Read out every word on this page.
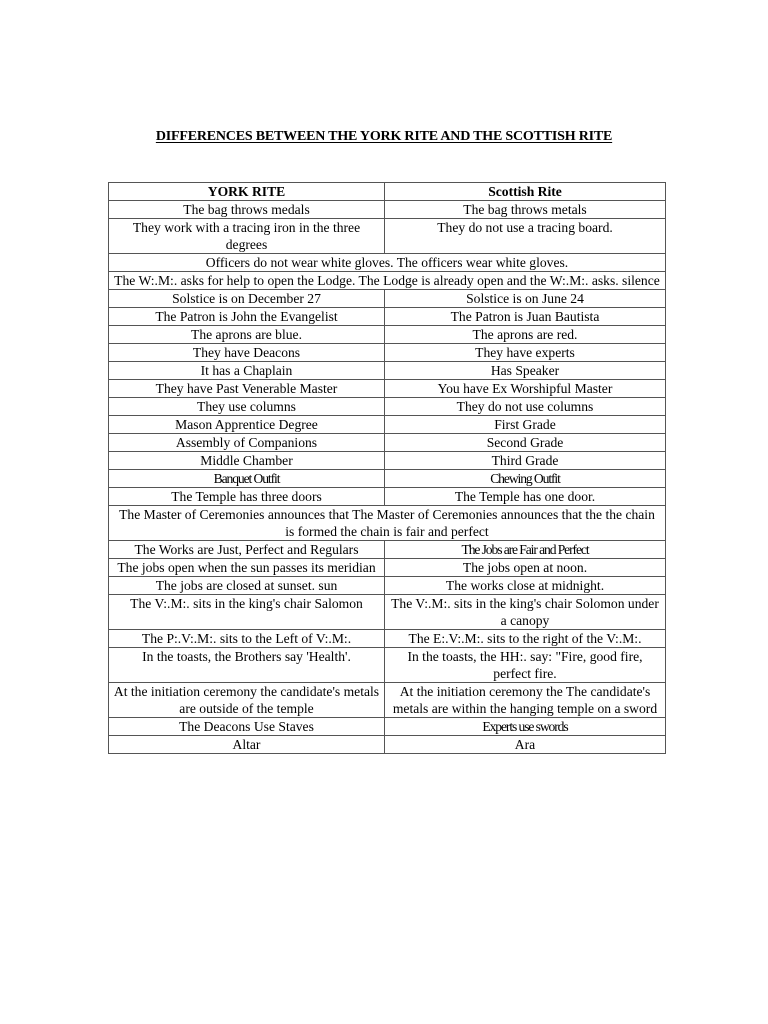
DIFFERENCES BETWEEN THE YORK RITE AND THE SCOTTISH RITE
YORK RITE	Scottish Rite
The bag throws medals	The bag throws metals
They work with a tracing iron in the three degrees	They do not use a tracing board.
Officers do not wear white gloves. The officers wear white gloves.	
The W:.M:. asks for help to open the Lodge. The Lodge is already open and the W:.M:. asks. silence	
Solstice is on December 27	Solstice is on June 24
The Patron is John the Evangelist	The Patron is Juan Bautista
The aprons are blue.	The aprons are red.
They have Deacons	They have experts
It has a Chaplain	Has Speaker
They have Past Venerable Master	You have Ex Worshipful Master
They use columns	They do not use columns
Mason Apprentice Degree	First Grade
Assembly of Companions	Second Grade
Middle Chamber	Third Grade
Banquet Outfit	Chewing Outfit
The Temple has three doors	The Temple has one door.
The Master of Ceremonies announces that The Master of Ceremonies announces that the the chain is formed the chain is fair and perfect	
The Works are Just, Perfect and Regulars	The Jobs are Fair and Perfect
The jobs open when the sun passes its meridian	The jobs open at noon.
The jobs are closed at sunset. sun	The works close at midnight.
The V:.M:. sits in the king's chair Salomon	The V:.M:. sits in the king's chair Solomon under a canopy
The P:.V:.M:. sits to the Left of V:.M:.	The E:.V:.M:. sits to the right of the V:.M:.
In the toasts, the Brothers say 'Health'.	In the toasts, the HH:. say: "Fire, good fire, perfect fire.
At the initiation ceremony the candidate's metals are outside of the temple	At the initiation ceremony the The candidate's metals are within the hanging temple on a sword
The Deacons Use Staves	Experts use swords
Altar	Ara
